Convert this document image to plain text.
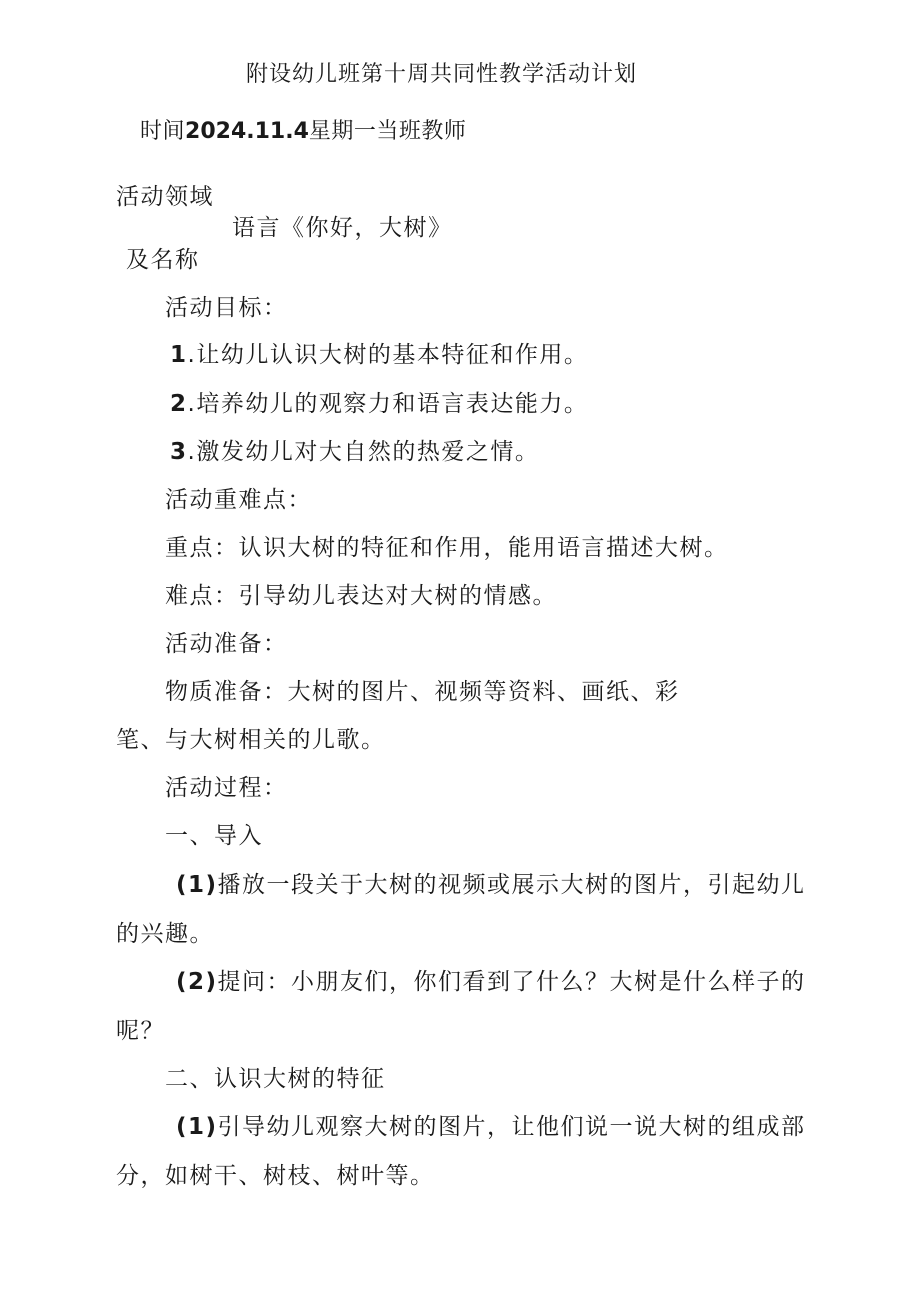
附设幼儿班第十周共同性教学活动计划
时间2024.11.4星期一当班教师
活动领域
语言《你好，大树》
及名称
活动目标：
1.让幼儿认识大树的基本特征和作用。
2.培养幼儿的观察力和语言表达能力。
3.激发幼儿对大自然的热爱之情。
活动重难点：
重点：认识大树的特征和作用，能用语言描述大树。
难点：引导幼儿表达对大树的情感。
活动准备：
物质准备：大树的图片、视频等资料、画纸、彩
笔、与大树相关的儿歌。
活动过程：
一、导入
(1)播放一段关于大树的视频或展示大树的图片，引起幼儿
的兴趣。
(2)提问：小朋友们，你们看到了什么？大树是什么样子的
呢？
二、认识大树的特征
(1)引导幼儿观察大树的图片，让他们说一说大树的组成部
分，如树干、树枝、树叶等。
